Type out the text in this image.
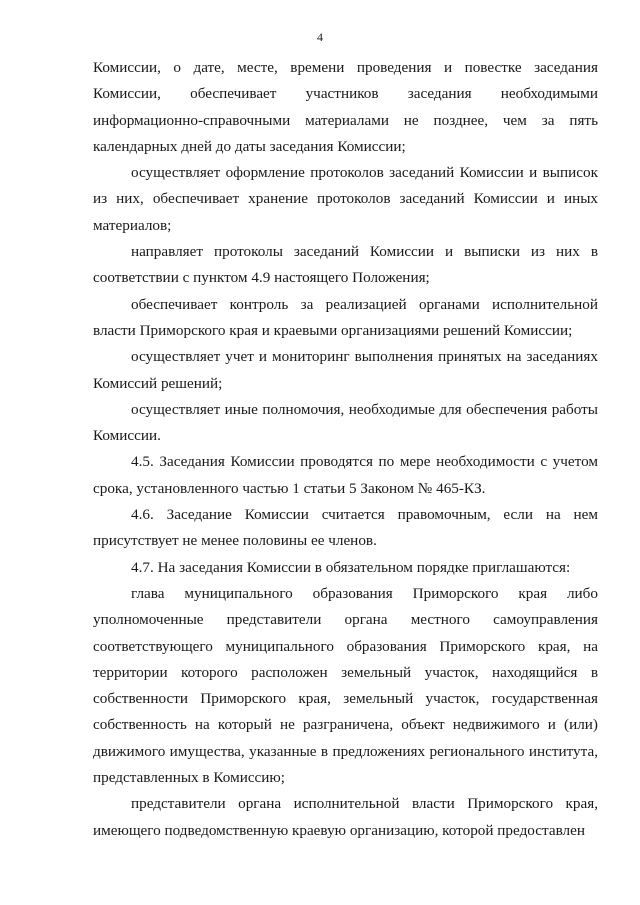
4

Комиссии, о дате, месте, времени проведения и повестке заседания Комиссии, обеспечивает участников заседания необходимыми информационно-справочными материалами не позднее, чем за пять календарных дней до даты заседания Комиссии;

осуществляет оформление протоколов заседаний Комиссии и выписок из них, обеспечивает хранение протоколов заседаний Комиссии и иных материалов;

направляет протоколы заседаний Комиссии и выписки из них в соответствии с пунктом 4.9 настоящего Положения;

обеспечивает контроль за реализацией органами исполнительной власти Приморского края и краевыми организациями решений Комиссии;

осуществляет учет и мониторинг выполнения принятых на заседаниях Комиссий решений;

осуществляет иные полномочия, необходимые для обеспечения работы Комиссии.

4.5. Заседания Комиссии проводятся по мере необходимости с учетом срока, установленного частью 1 статьи 5 Законом № 465-КЗ.

4.6. Заседание Комиссии считается правомочным, если на нем присутствует не менее половины ее членов.

4.7. На заседания Комиссии в обязательном порядке приглашаются:

глава муниципального образования Приморского края либо уполномоченные представители органа местного самоуправления соответствующего муниципального образования Приморского края, на территории которого расположен земельный участок, находящийся в собственности Приморского края, земельный участок, государственная собственность на который не разграничена, объект недвижимого и (или) движимого имущества, указанные в предложениях регионального института, представленных в Комиссию;

представители органа исполнительной власти Приморского края, имеющего подведомственную краевую организацию, которой предоставлен
